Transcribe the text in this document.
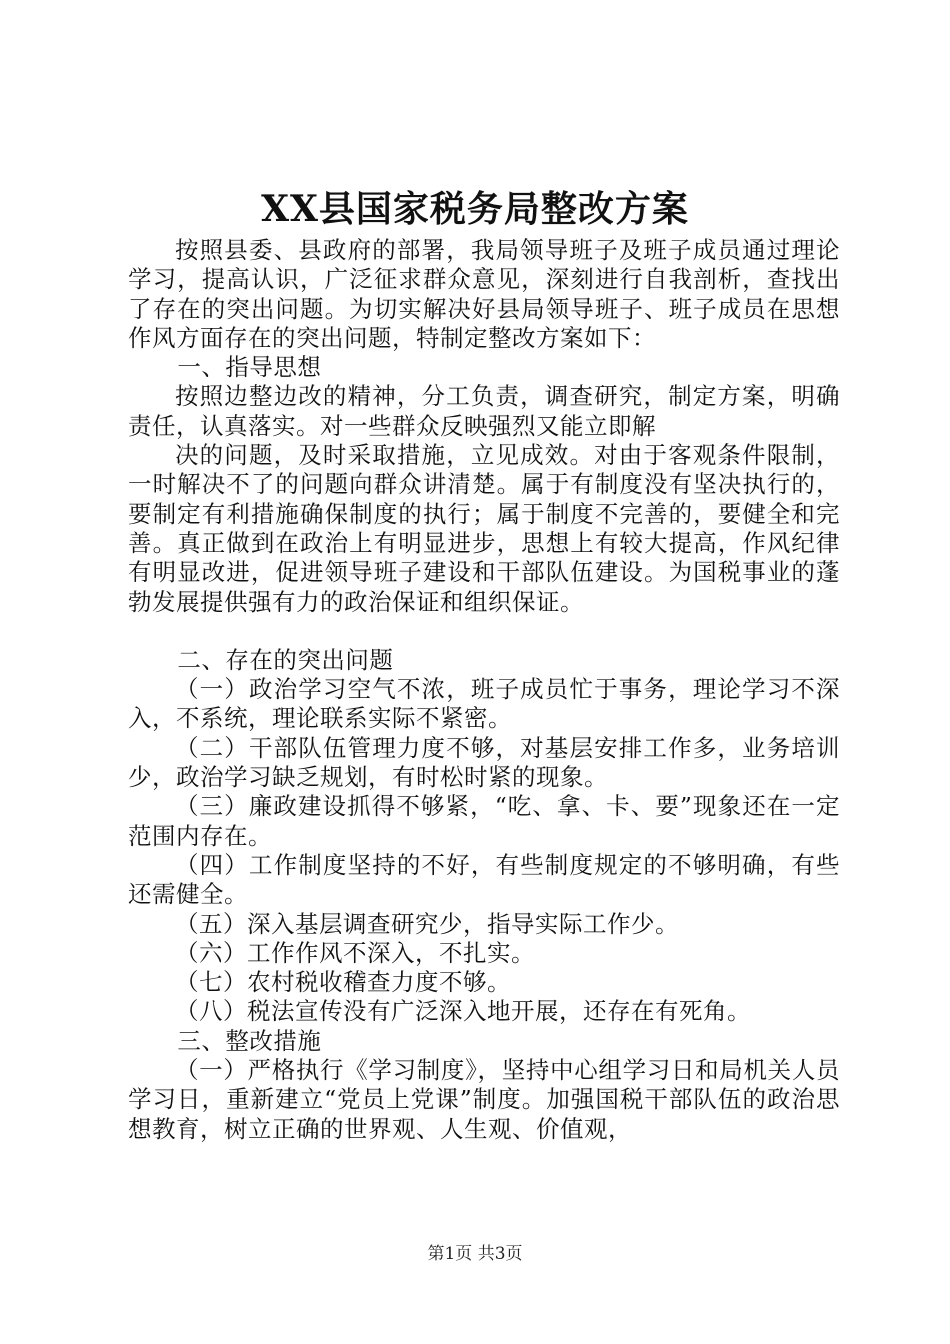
XX县国家税务局整改方案

按照县委、县政府的部署，我局领导班子及班子成员通过理论学习，提高认识，广泛征求群众意见，深刻进行自我剖析，查找出了存在的突出问题。为切实解决好县局领导班子、班子成员在思想作风方面存在的突出问题，特制定整改方案如下：

一、指导思想

按照边整边改的精神，分工负责，调查研究，制定方案，明确责任，认真落实。对一些群众反映强烈又能立即解

决的问题，及时采取措施，立见成效。对由于客观条件限制，一时解决不了的问题向群众讲清楚。属于有制度没有坚决执行的，要制定有利措施确保制度的执行；属于制度不完善的，要健全和完善。真正做到在政治上有明显进步，思想上有较大提高，作风纪律有明显改进，促进领导班子建设和干部队伍建设。为国税事业的蓬勃发展提供强有力的政治保证和组织保证。

二、存在的突出问题

（一）政治学习空气不浓，班子成员忙于事务，理论学习不深入，不系统，理论联系实际不紧密。

（二）干部队伍管理力度不够，对基层安排工作多，业务培训少，政治学习缺乏规划，有时松时紧的现象。

（三）廉政建设抓得不够紧，“吃、拿、卡、要”现象还在一定范围内存在。

（四）工作制度坚持的不好，有些制度规定的不够明确，有些还需健全。

（五）深入基层调查研究少，指导实际工作少。

（六）工作作风不深入，不扎实。

（七）农村税收稽查力度不够。

（八）税法宣传没有广泛深入地开展，还存在有死角。

三、整改措施

（一）严格执行《学习制度》，坚持中心组学习日和局机关人员学习日，重新建立“党员上党课”制度。加强国税干部队伍的政治思想教育，树立正确的世界观、人生观、价值观，

第1页 共3页
